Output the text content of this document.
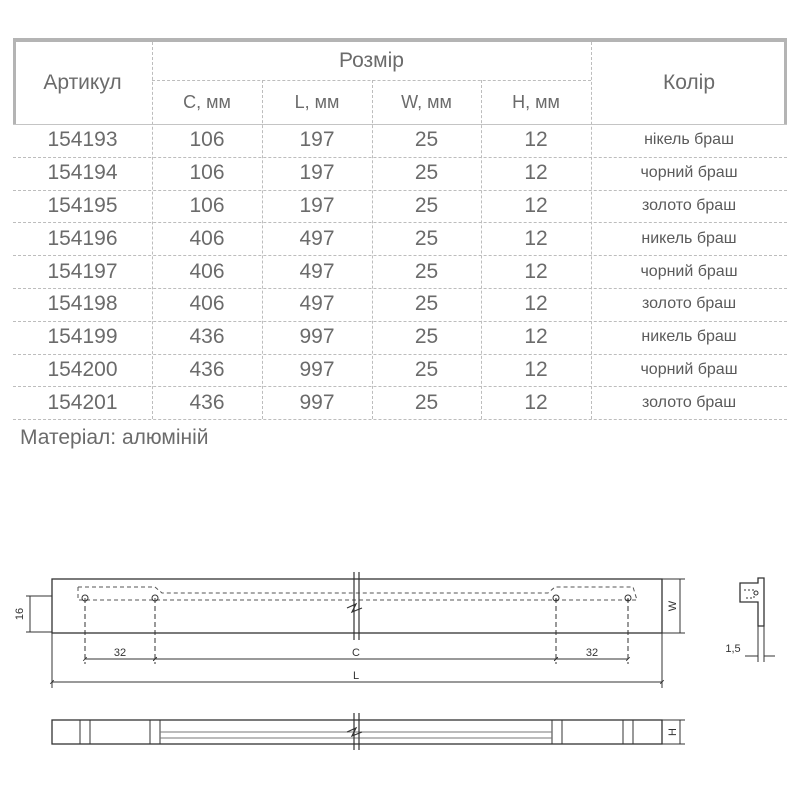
Артикул
Розмір
Колір
C, мм	L, мм	W, мм	H, мм
154193	106	197	25	12	нікель браш
154194	106	197	25	12	чорний браш
154195	106	197	25	12	золото браш
154196	406	497	25	12	никель браш
154197	406	497	25	12	чорний браш
154198	406	497	25	12	золото браш
154199	436	997	25	12	никель браш
154200	436	997	25	12	чорний браш
154201	436	997	25	12	золото браш
Матеріал: алюміній
16
32	C	32
L
W
1,5
H
